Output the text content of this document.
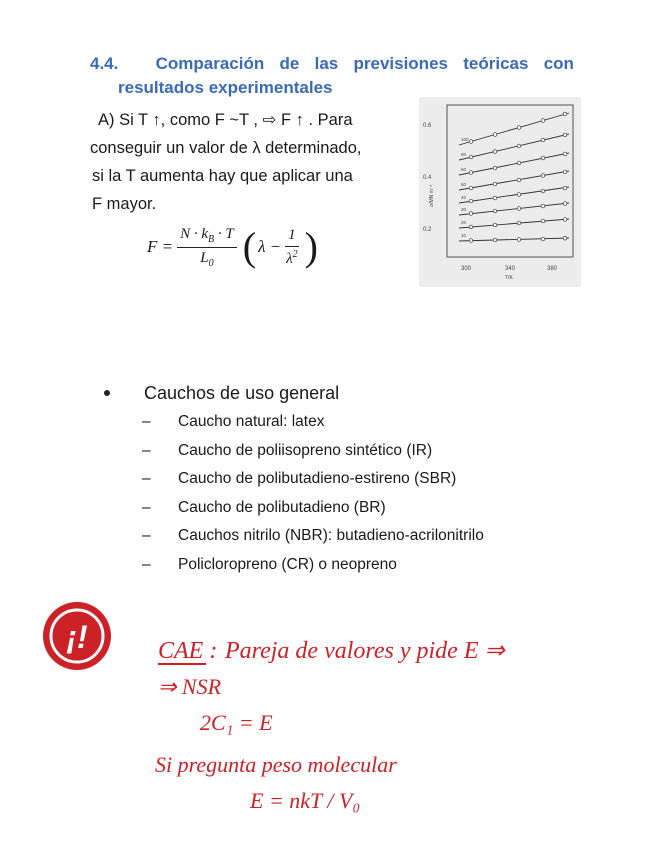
4.4. Comparación de las previsiones teóricas con
resultados experimentales
A) Si T ↑, como F ~T , ⇨ F ↑ . Para
conseguir un valor de λ determinado,
si la T aumenta hay que aplicar una
F mayor.
$F = \frac{N \cdot k_B \cdot T}{L_0}$ ( $\lambda - \frac{1}{\lambda^2}$ )
0.6
0.4
0.2
300	340	380
T/K
σ/MN m⁻²
100
80
60
50
40
30
20
10
Cauchos de uso general
– Caucho natural: latex
– Caucho de poliisopreno sintético (IR)
– Caucho de polibutadieno-estireno (SBR)
– Caucho de polibutadieno (BR)
– Cauchos nitrilo (NBR): butadieno-acrilonitrilo
– Policloropreno (CR) o neopreno
¡!	CAE : Pareja de valores y pide E ⇒
⇒ NSR
2C₁ = E
Si pregunta peso molecular
E = nkT / V₀
